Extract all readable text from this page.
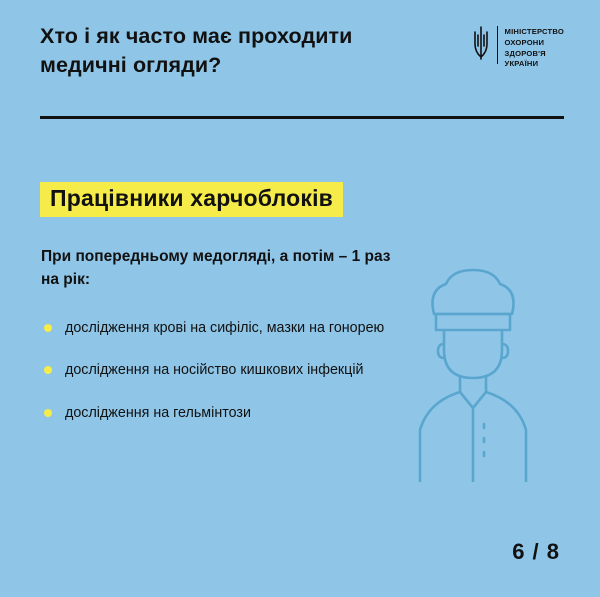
Хто і як часто має проходити медичні огляди?
МІНІСТЕРСТВО
ОХОРОНИ
ЗДОРОВ'Я
УКРАЇНИ
Працівники харчоблоків
При попередньому медогляді, а потім – 1 раз на рік:
дослідження крові на сифіліс, мазки на гонорею
дослідження на носійство кишкових інфекцій
дослідження на гельмінтози
6 / 8
